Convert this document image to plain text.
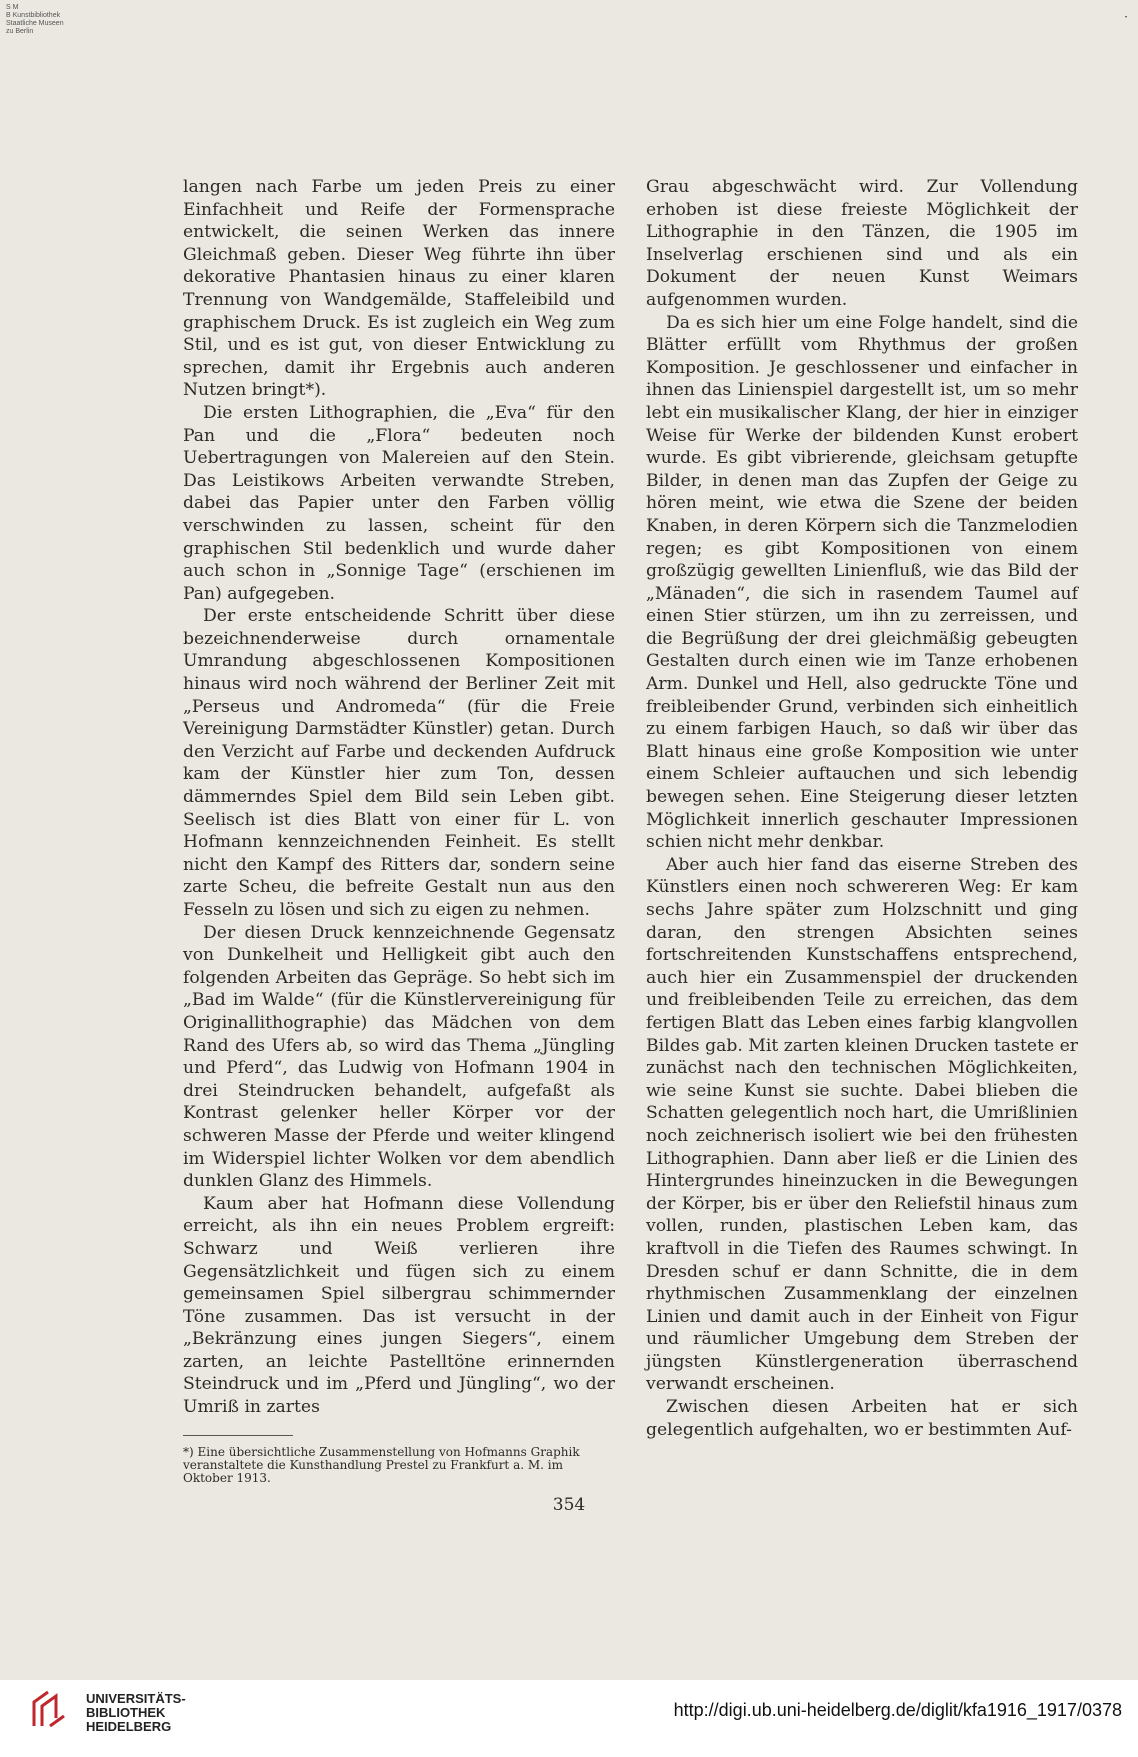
S M
B Kunstbibliothek
Staatliche Museen
zu Berlin
·

langen nach Farbe um jeden Preis zu einer Einfachheit und Reife der Formensprache entwickelt, die seinen Werken das innere Gleichmaß geben. Dieser Weg führte ihn über dekorative Phantasien hinaus zu einer klaren Trennung von Wandgemälde, Staffeleibild und graphischem Druck. Es ist zugleich ein Weg zum Stil, und es ist gut, von dieser Entwicklung zu sprechen, damit ihr Ergebnis auch anderen Nutzen bringt*).

Die ersten Lithographien, die „Eva“ für den Pan und die „Flora“ bedeuten noch Uebertragungen von Malereien auf den Stein. Das Leistikows Arbeiten verwandte Streben, dabei das Papier unter den Farben völlig verschwinden zu lassen, scheint für den graphischen Stil bedenklich und wurde daher auch schon in „Sonnige Tage“ (erschienen im Pan) aufgegeben.

Der erste entscheidende Schritt über diese bezeichnenderweise durch ornamentale Umrandung abgeschlossenen Kompositionen hinaus wird noch während der Berliner Zeit mit „Perseus und Andromeda“ (für die Freie Vereinigung Darmstädter Künstler) getan. Durch den Verzicht auf Farbe und deckenden Aufdruck kam der Künstler hier zum Ton, dessen dämmerndes Spiel dem Bild sein Leben gibt. Seelisch ist dies Blatt von einer für L. von Hofmann kennzeichnenden Feinheit. Es stellt nicht den Kampf des Ritters dar, sondern seine zarte Scheu, die befreite Gestalt nun aus den Fesseln zu lösen und sich zu eigen zu nehmen.

Der diesen Druck kennzeichnende Gegensatz von Dunkelheit und Helligkeit gibt auch den folgenden Arbeiten das Gepräge. So hebt sich im „Bad im Walde“ (für die Künstlervereinigung für Originallithographie) das Mädchen von dem Rand des Ufers ab, so wird das Thema „Jüngling und Pferd“, das Ludwig von Hofmann 1904 in drei Steindrucken behandelt, aufgefaßt als Kontrast gelenker heller Körper vor der schweren Masse der Pferde und weiter klingend im Widerspiel lichter Wolken vor dem abendlich dunklen Glanz des Himmels.

Kaum aber hat Hofmann diese Vollendung erreicht, als ihn ein neues Problem ergreift: Schwarz und Weiß verlieren ihre Gegensätzlichkeit und fügen sich zu einem gemeinsamen Spiel silbergrau schimmernder Töne zusammen. Das ist versucht in der „Bekränzung eines jungen Siegers“, einem zarten, an leichte Pastelltöne erinnernden Steindruck und im „Pferd und Jüngling“, wo der Umriß in zartes

*) Eine übersichtliche Zusammenstellung von Hofmanns Graphik veranstaltete die Kunsthandlung Prestel zu Frankfurt a. M. im Oktober 1913.

Grau abgeschwächt wird. Zur Vollendung erhoben ist diese freieste Möglichkeit der Lithographie in den Tänzen, die 1905 im Inselverlag erschienen sind und als ein Dokument der neuen Kunst Weimars aufgenommen wurden.

Da es sich hier um eine Folge handelt, sind die Blätter erfüllt vom Rhythmus der großen Komposition. Je geschlossener und einfacher in ihnen das Linienspiel dargestellt ist, um so mehr lebt ein musikalischer Klang, der hier in einziger Weise für Werke der bildenden Kunst erobert wurde. Es gibt vibrierende, gleichsam getupfte Bilder, in denen man das Zupfen der Geige zu hören meint, wie etwa die Szene der beiden Knaben, in deren Körpern sich die Tanzmelodien regen; es gibt Kompositionen von einem großzügig gewellten Linienfluß, wie das Bild der „Mänaden“, die sich in rasendem Taumel auf einen Stier stürzen, um ihn zu zerreissen, und die Begrüßung der drei gleichmäßig gebeugten Gestalten durch einen wie im Tanze erhobenen Arm. Dunkel und Hell, also gedruckte Töne und freibleibender Grund, verbinden sich einheitlich zu einem farbigen Hauch, so daß wir über das Blatt hinaus eine große Komposition wie unter einem Schleier auftauchen und sich lebendig bewegen sehen. Eine Steigerung dieser letzten Möglichkeit innerlich geschauter Impressionen schien nicht mehr denkbar.

Aber auch hier fand das eiserne Streben des Künstlers einen noch schwereren Weg: Er kam sechs Jahre später zum Holzschnitt und ging daran, den strengen Absichten seines fortschreitenden Kunstschaffens entsprechend, auch hier ein Zusammenspiel der druckenden und freibleibenden Teile zu erreichen, das dem fertigen Blatt das Leben eines farbig klangvollen Bildes gab. Mit zarten kleinen Drucken tastete er zunächst nach den technischen Möglichkeiten, wie seine Kunst sie suchte. Dabei blieben die Schatten gelegentlich noch hart, die Umrißlinien noch zeichnerisch isoliert wie bei den frühesten Lithographien. Dann aber ließ er die Linien des Hintergrundes hineinzucken in die Bewegungen der Körper, bis er über den Reliefstil hinaus zum vollen, runden, plastischen Leben kam, das kraftvoll in die Tiefen des Raumes schwingt. In Dresden schuf er dann Schnitte, die in dem rhythmischen Zusammenklang der einzelnen Linien und damit auch in der Einheit von Figur und räumlicher Umgebung dem Streben der jüngsten Künstlergeneration überraschend verwandt erscheinen.

Zwischen diesen Arbeiten hat er sich gelegentlich aufgehalten, wo er bestimmten Auf-

354
UNIVERSITÄTS-
BIBLIOTHEK
HEIDELBERG
http://digi.ub.uni-heidelberg.de/diglit/kfa1916_1917/0378
